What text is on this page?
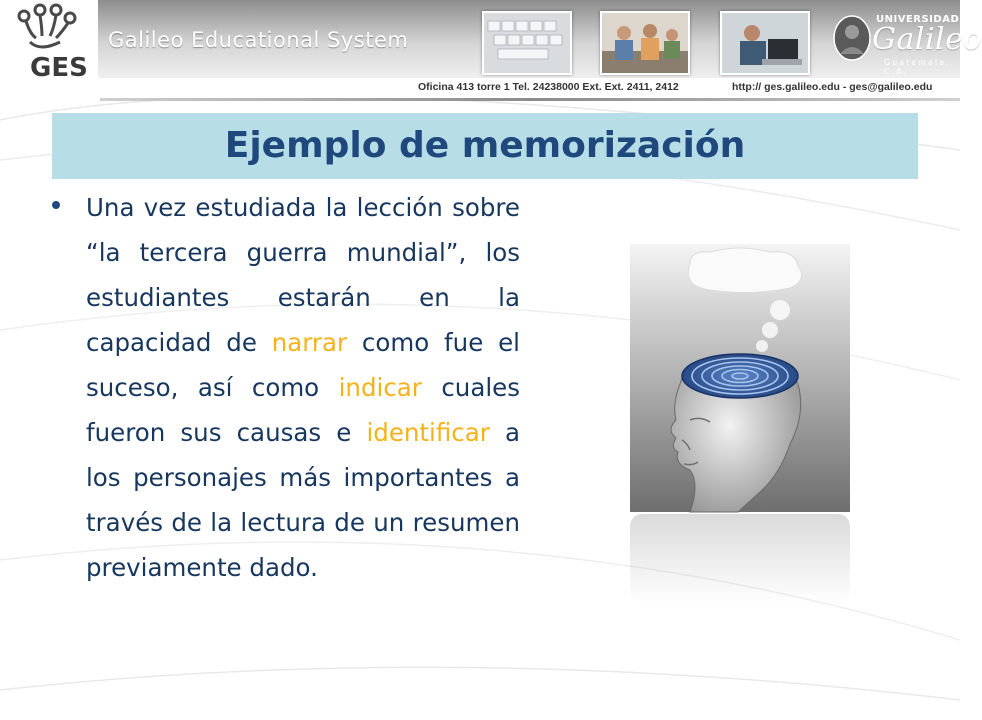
GES
Galileo Educational System
UNIVERSIDAD
Galileo
Guatemala, C.A.
Oficina 413 torre 1 Tel. 24238000 Ext. Ext. 2411, 2412	http:// ges.galileo.edu - ges@galileo.edu
Ejemplo de memorización

Una vez estudiada la lección sobre “la tercera guerra mundial”, los estudiantes estarán en la capacidad de narrar como fue el suceso, así como indicar cuales fueron sus causas e identificar a los personajes más importantes a través de la lectura de un resumen previamente dado.
